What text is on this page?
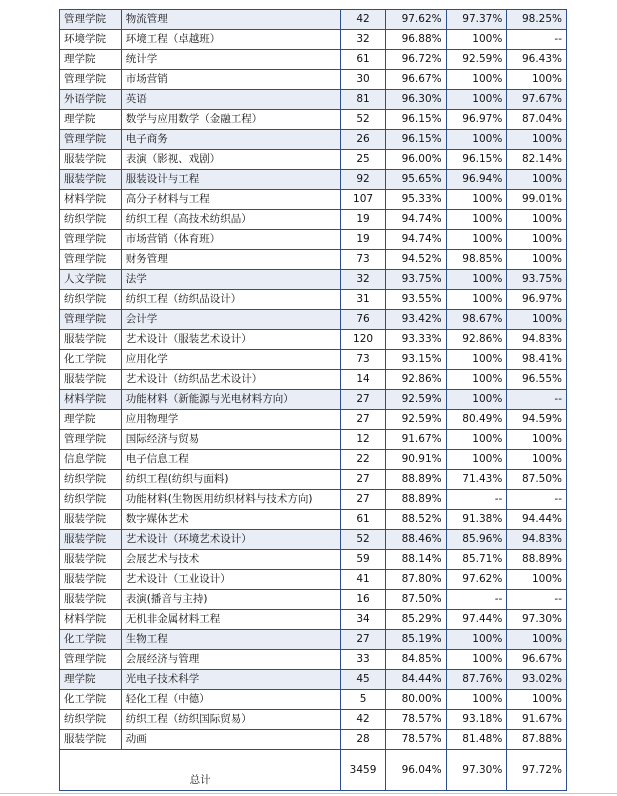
管理学院	物流管理	42	97.62%	97.37%	98.25%
环境学院	环境工程（卓越班）	32	96.88%	100%	--
理学院	统计学	61	96.72%	92.59%	96.43%
管理学院	市场营销	30	96.67%	100%	100%
外语学院	英语	81	96.30%	100%	97.67%
理学院	数学与应用数学（金融工程）	52	96.15%	96.97%	87.04%
管理学院	电子商务	26	96.15%	100%	100%
服装学院	表演（影视、戏剧）	25	96.00%	96.15%	82.14%
服装学院	服装设计与工程	92	95.65%	96.94%	100%
材料学院	高分子材料与工程	107	95.33%	100%	99.01%
纺织学院	纺织工程（高技术纺织品）	19	94.74%	100%	100%
管理学院	市场营销（体育班）	19	94.74%	100%	100%
管理学院	财务管理	73	94.52%	98.85%	100%
人文学院	法学	32	93.75%	100%	93.75%
纺织学院	纺织工程（纺织品设计）	31	93.55%	100%	96.97%
管理学院	会计学	76	93.42%	98.67%	100%
服装学院	艺术设计（服装艺术设计）	120	93.33%	92.86%	94.83%
化工学院	应用化学	73	93.15%	100%	98.41%
服装学院	艺术设计（纺织品艺术设计）	14	92.86%	100%	96.55%
材料学院	功能材料（新能源与光电材料方向）	27	92.59%	100%	--
理学院	应用物理学	27	92.59%	80.49%	94.59%
管理学院	国际经济与贸易	12	91.67%	100%	100%
信息学院	电子信息工程	22	90.91%	100%	100%
纺织学院	纺织工程(纺织与面料)	27	88.89%	71.43%	87.50%
纺织学院	功能材料(生物医用纺织材料与技术方向)	27	88.89%	--	--
服装学院	数字媒体艺术	61	88.52%	91.38%	94.44%
服装学院	艺术设计（环境艺术设计）	52	88.46%	85.96%	94.83%
服装学院	会展艺术与技术	59	88.14%	85.71%	88.89%
服装学院	艺术设计（工业设计）	41	87.80%	97.62%	100%
服装学院	表演(播音与主持)	16	87.50%	--	--
材料学院	无机非金属材料工程	34	85.29%	97.44%	97.30%
化工学院	生物工程	27	85.19%	100%	100%
管理学院	会展经济与管理	33	84.85%	100%	96.67%
理学院	光电子技术科学	45	84.44%	87.76%	93.02%
化工学院	轻化工程（中德）	5	80.00%	100%	100%
纺织学院	纺织工程（纺织国际贸易）	42	78.57%	93.18%	91.67%
服装学院	动画	28	78.57%	81.48%	87.88%
总计		3459	96.04%	97.30%	97.72%
